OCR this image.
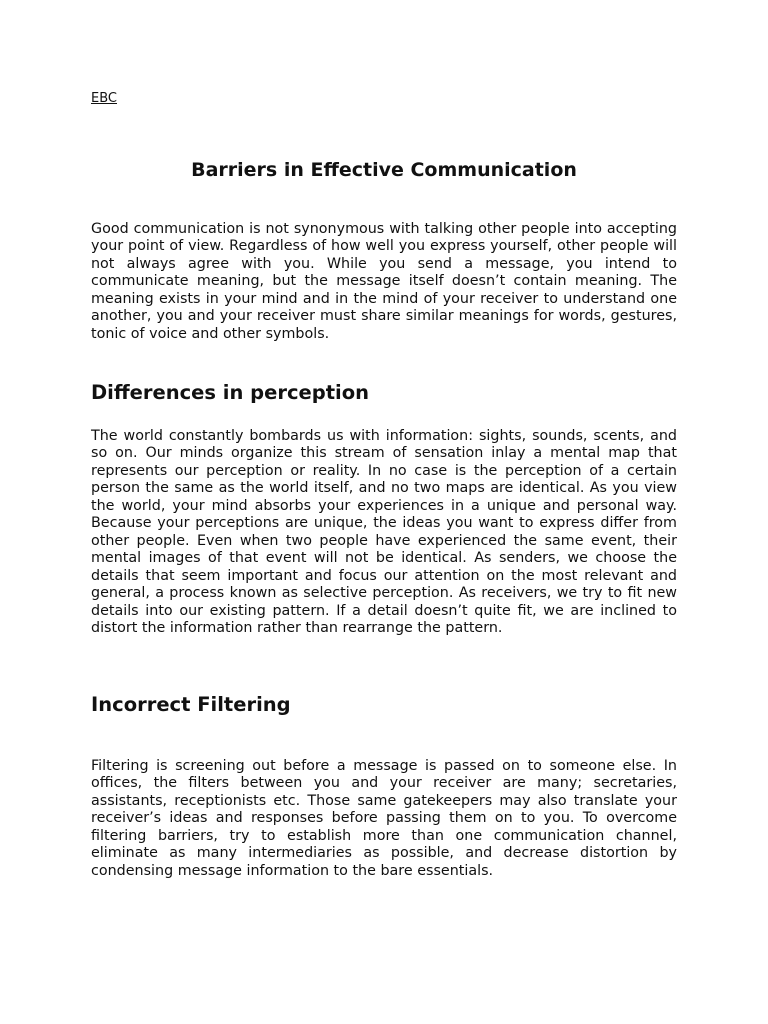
EBC
Barriers in Effective Communication

Good communication is not synonymous with talking other people into accepting your point of view. Regardless of how well you express yourself, other people will not always agree with you. While you send a message, you intend to communicate meaning, but the message itself doesn’t contain meaning. The meaning exists in your mind and in the mind of your receiver to understand one another, you and your receiver must share similar meanings for words, gestures, tonic of voice and other symbols.

Differences in perception

The world constantly bombards us with information: sights, sounds, scents, and so on. Our minds organize this stream of sensation inlay a mental map that represents our perception or reality. In no case is the perception of a certain person the same as the world itself, and no two maps are identical. As you view the world, your mind absorbs your experiences in a unique and personal way. Because your perceptions are unique, the ideas you want to express differ from other people. Even when two people have experienced the same event, their mental images of that event will not be identical. As senders, we choose the details that seem important and focus our attention on the most relevant and general, a process known as selective perception. As receivers, we try to fit new details into our existing pattern. If a detail doesn’t quite fit, we are inclined to distort the information rather than rearrange the pattern.

Incorrect Filtering

Filtering is screening out before a message is passed on to someone else. In offices, the filters between you and your receiver are many; secretaries, assistants, receptionists etc. Those same gatekeepers may also translate your receiver’s ideas and responses before passing them on to you. To overcome filtering barriers, try to establish more than one communication channel, eliminate as many intermediaries as possible, and decrease distortion by condensing message information to the bare essentials.
